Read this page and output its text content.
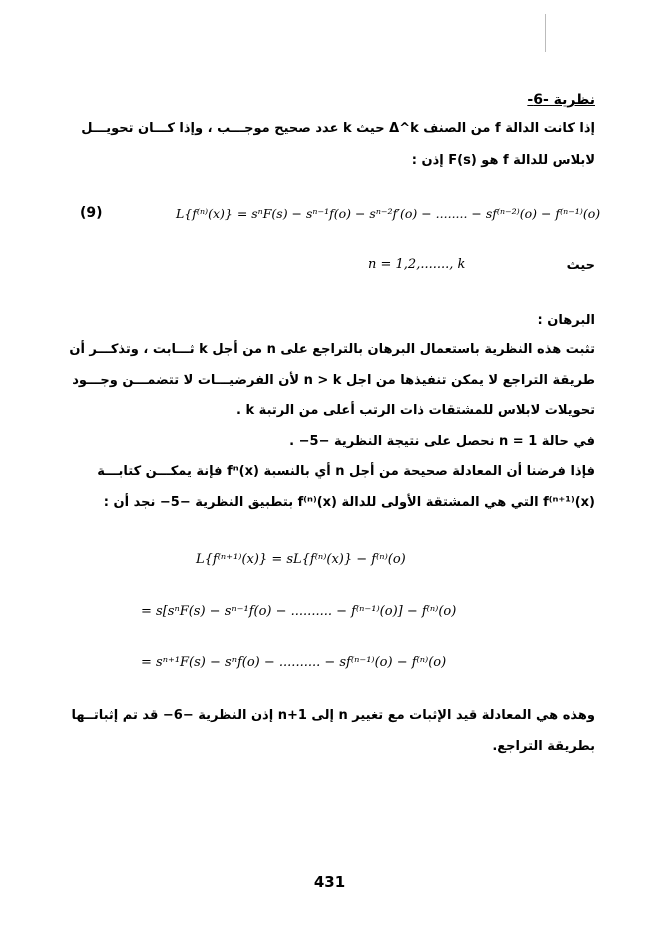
نظرية -6-
إذا كانت الدالة f من الصنف Δ^k حيث k عدد صحيح موجـــب ، وإذا كـــان تحويـــل
لابلاس للدالة f هو F(s) إذن :
(9)	L{f⁽ⁿ⁾(x)} = sⁿF(s) − sⁿ⁻¹f(o) − sⁿ⁻²f′(o) − ........ − sf⁽ⁿ⁻²⁾(o) − f⁽ⁿ⁻¹⁾(o)
حيث
n = 1,2,......., k
البرهان :
تثبت هذه النظرية باستعمال البرهان بالتراجع على n من أجل k ثـــابت ، وتذكـــر أن
طريقة التراجع لا يمكن تنفيذها من اجل n > k لأن الفرضيـــات لا تتضمـــن وجـــود
تحويلات لابلاس للمشتقات ذات الرتب أعلى من الرتبة k .
في حالة n = 1 نحصل على نتيجة النظرية −5− .
فإذا فرضنا أن المعادلة صحيحة من أجل n أي بالنسبة fⁿ(x) فإنة يمكـــن كتابـــة
f⁽ⁿ⁺¹⁾(x) التي هي المشتقة الأولى للدالة f⁽ⁿ⁾(x) بتطبيق النظرية −5− نجد أن :
L{f⁽ⁿ⁺¹⁾(x)} = sL{f⁽ⁿ⁾(x)} − f⁽ⁿ⁾(o)
= s[sⁿF(s) − sⁿ⁻¹f(o) − .......... − f⁽ⁿ⁻¹⁾(o)] − f⁽ⁿ⁾(o)
= sⁿ⁺¹F(s) − sⁿf(o) − .......... − sf⁽ⁿ⁻¹⁾(o) − f⁽ⁿ⁾(o)
وهذه هي المعادلة قيد الإثبات مع تغيير n إلى n+1 إذن النظرية −6− قد تم إثباتــها
بطريقة التراجع.
431
